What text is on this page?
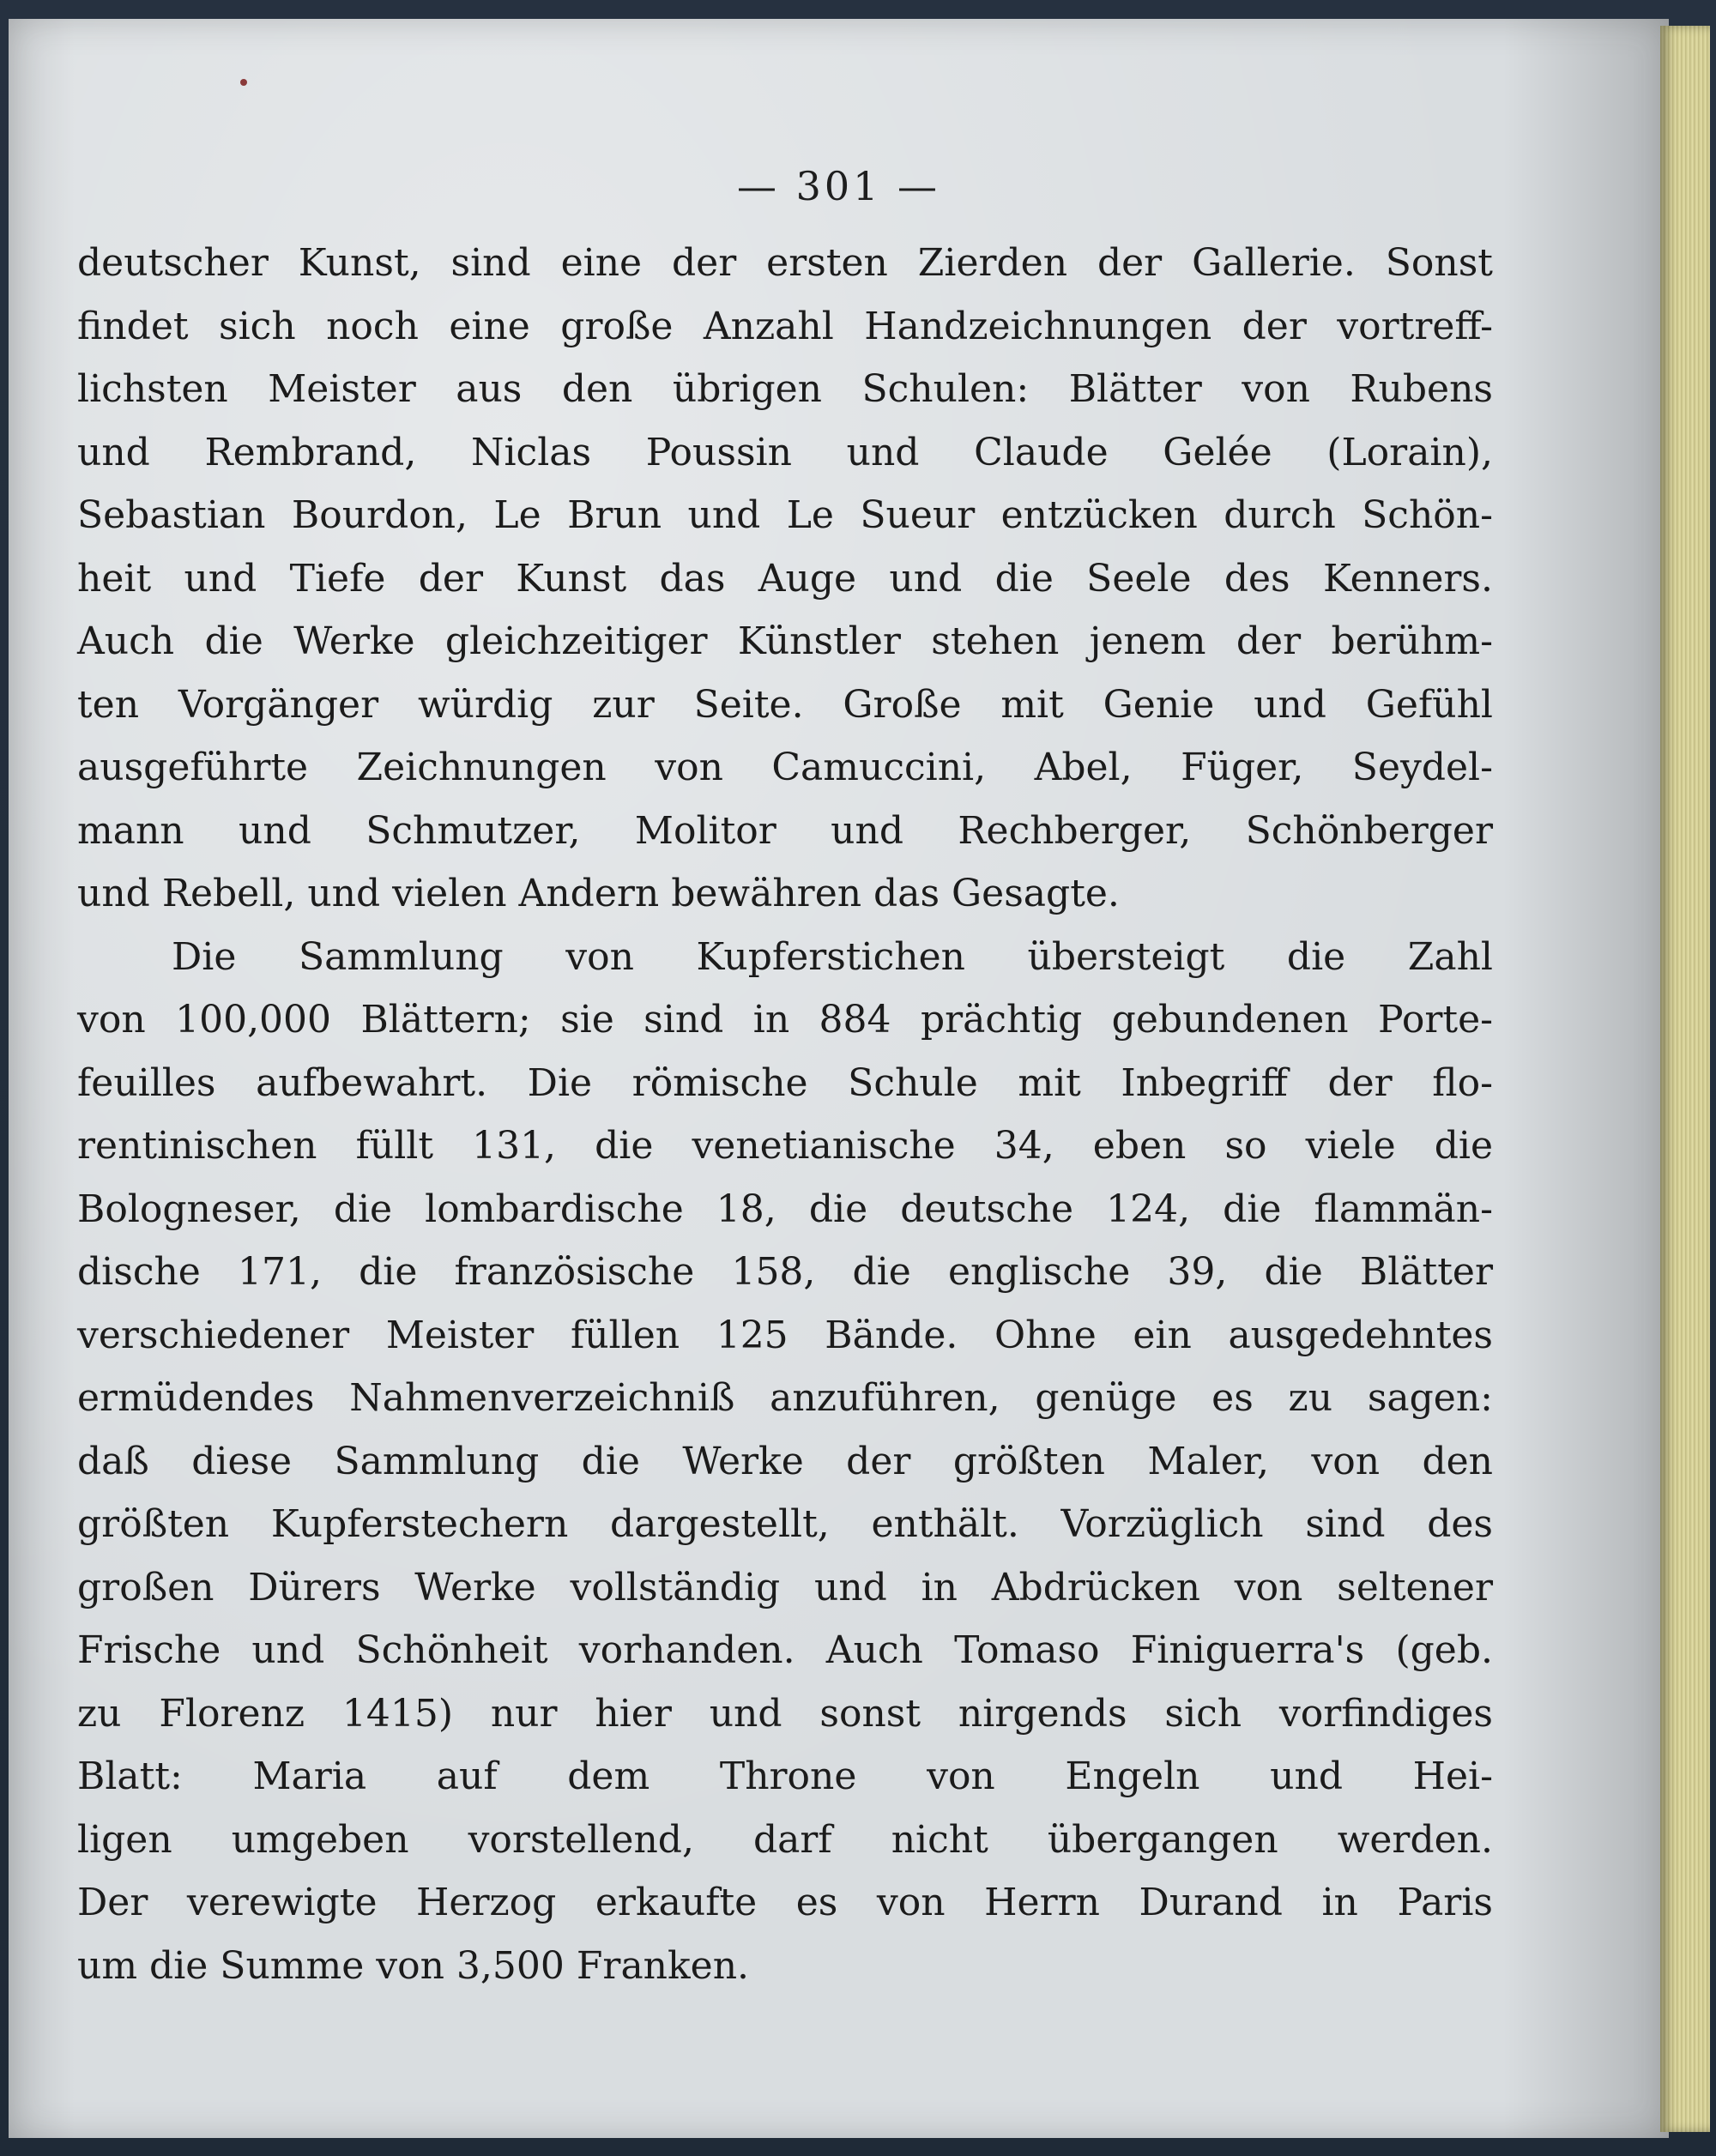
— 301 —
deutscher Kunst, sind eine der ersten Zierden der Gallerie. Sonst
findet sich noch eine große Anzahl Handzeichnungen der vortreff-
lichsten Meister aus den übrigen Schulen: Blätter von Rubens
und Rembrand, Niclas Poussin und Claude Gelée (Lorain),
Sebastian Bourdon, Le Brun und Le Sueur entzücken durch Schön-
heit und Tiefe der Kunst das Auge und die Seele des Kenners.
Auch die Werke gleichzeitiger Künstler stehen jenem der berühm-
ten Vorgänger würdig zur Seite. Große mit Genie und Gefühl
ausgeführte Zeichnungen von Camuccini, Abel, Füger, Seydel-
mann und Schmutzer, Molitor und Rechberger, Schönberger
und Rebell, und vielen Andern bewähren das Gesagte.
Die Sammlung von Kupferstichen übersteigt die Zahl
von 100,000 Blättern; sie sind in 884 prächtig gebundenen Porte-
feuilles aufbewahrt. Die römische Schule mit Inbegriff der flo-
rentinischen füllt 131, die venetianische 34, eben so viele die
Bologneser, die lombardische 18, die deutsche 124, die flammän-
dische 171, die französische 158, die englische 39, die Blätter
verschiedener Meister füllen 125 Bände. Ohne ein ausgedehntes
ermüdendes Nahmenverzeichniß anzuführen, genüge es zu sagen:
daß diese Sammlung die Werke der größten Maler, von den
größten Kupferstechern dargestellt, enthält. Vorzüglich sind des
großen Dürers Werke vollständig und in Abdrücken von seltener
Frische und Schönheit vorhanden. Auch Tomaso Finiguerra's (geb.
zu Florenz 1415) nur hier und sonst nirgends sich vorfindiges
Blatt: Maria auf dem Throne von Engeln und Hei-
ligen umgeben vorstellend, darf nicht übergangen werden.
Der verewigte Herzog erkaufte es von Herrn Durand in Paris
um die Summe von 3,500 Franken.
